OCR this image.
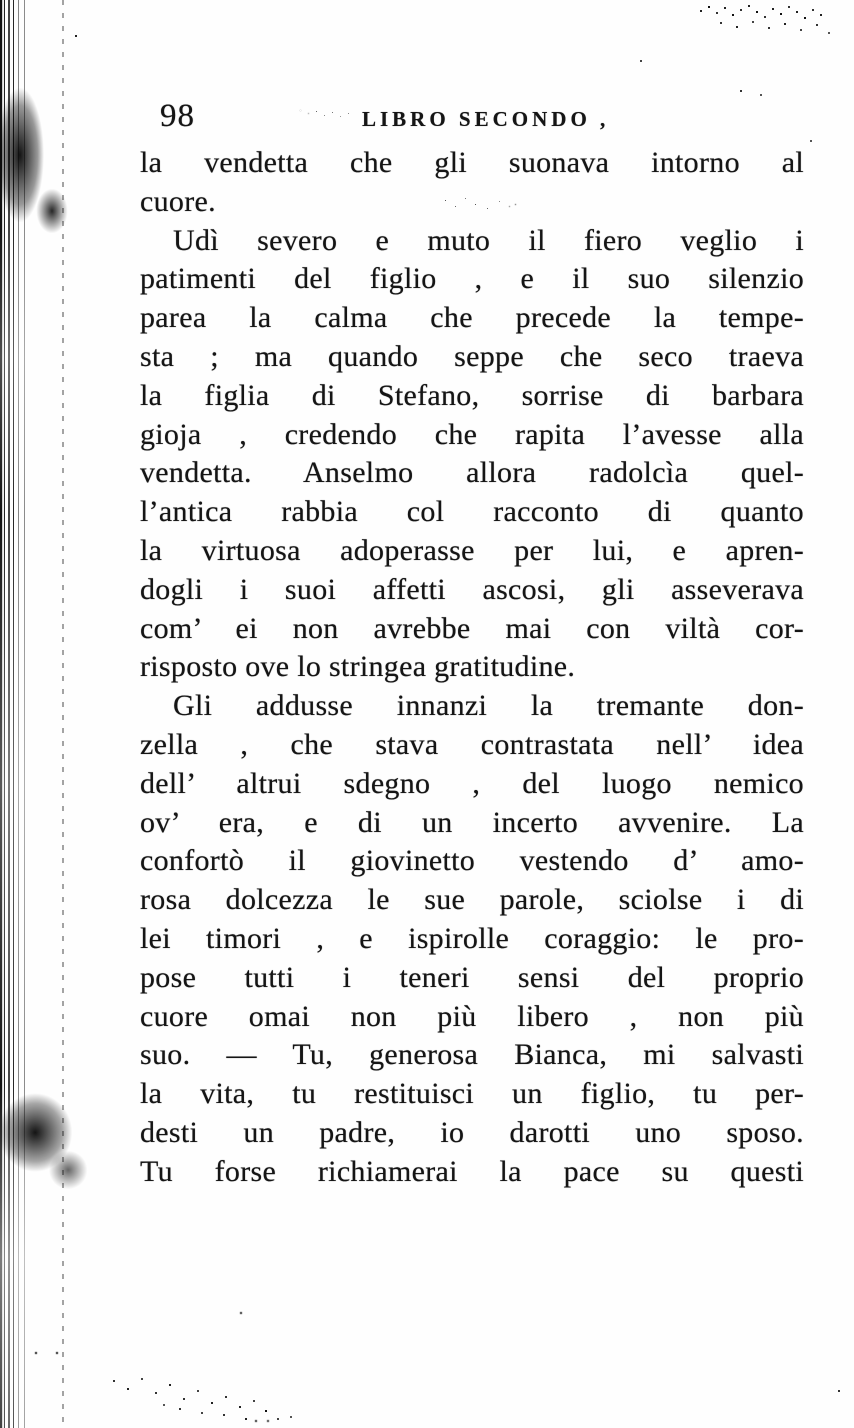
98	LIBRO SECONDO ,
la vendetta che gli suonava intorno al
cuore.
Udì severo e muto il fiero veglio i
patimenti del figlio , e il suo silenzio
parea la calma che precede la tempe-
sta ; ma quando seppe che seco traeva
la figlia di Stefano, sorrise di barbara
gioja , credendo che rapita l’avesse alla
vendetta. Anselmo allora radolcìa quel-
l’antica rabbia col racconto di quanto
la virtuosa adoperasse per lui, e apren-
dogli i suoi affetti ascosi, gli asseverava
com’ ei non avrebbe mai con viltà cor-
risposto ove lo stringea gratitudine.
Gli addusse innanzi la tremante don-
zella , che stava contrastata nell’ idea
dell’ altrui sdegno , del luogo nemico
ov’ era, e di un incerto avvenire. La
confortò il giovinetto vestendo d’ amo-
rosa dolcezza le sue parole, sciolse i di
lei timori , e ispirolle coraggio: le pro-
pose tutti i teneri sensi del proprio
cuore omai non più libero , non più
suo. — Tu, generosa Bianca, mi salvasti
la vita, tu restituisci un figlio, tu per-
desti un padre, io darotti uno sposo.
Tu forse richiamerai la pace su questi
